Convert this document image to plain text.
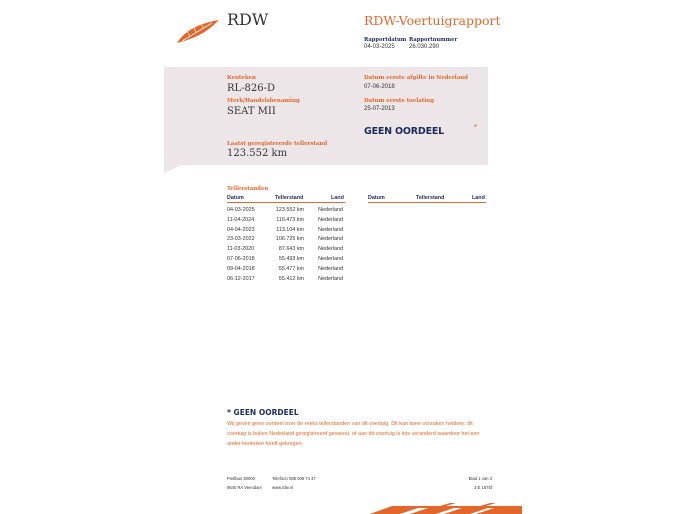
RDW	RDW-Voertuigrapport
Rapportdatum
04-03-2025
Rapportnummer
26.030.290
Kenteken
RL-826-D
Merk/Handelsbenaming
SEAT MII
Laatst geregistreerde tellerstand
123.552 km
Datum eerste afgifte in Nederland
07-06-2018
Datum eerste toelating
25-07-2013
GEEN OORDEEL	*
Tellerstanden
Datum	Tellerstand	Land	Datum	Tellerstand	Land
04-03-2025	123.552 km	Nederland
11-04-2024	116.473 km	Nederland
04-04-2023	113.104 km	Nederland
23-03-2022	106.725 km	Nederland
11-03-2020	87.643 km	Nederland
07-06-2018	55.493 km	Nederland
09-04-2018	55.477 km	Nederland
06-12-2017	55.412 km	Nederland
* GEEN OORDEEL
Wij geven geen oordeel over de reeks tellerstanden van dit voertuig. Dit kan twee oorzaken hebben: dit voertuig is buiten Nederland geregistreerd geweest, of aan dit voertuig is iets veranderd waardoor het een ander kenteken heeft gekregen.
Postbus 30000
9640 RA Veendam
Telefoon 088 008 74 47
www.rdw.nl
Blad 1 van 3
3 E 1675f
